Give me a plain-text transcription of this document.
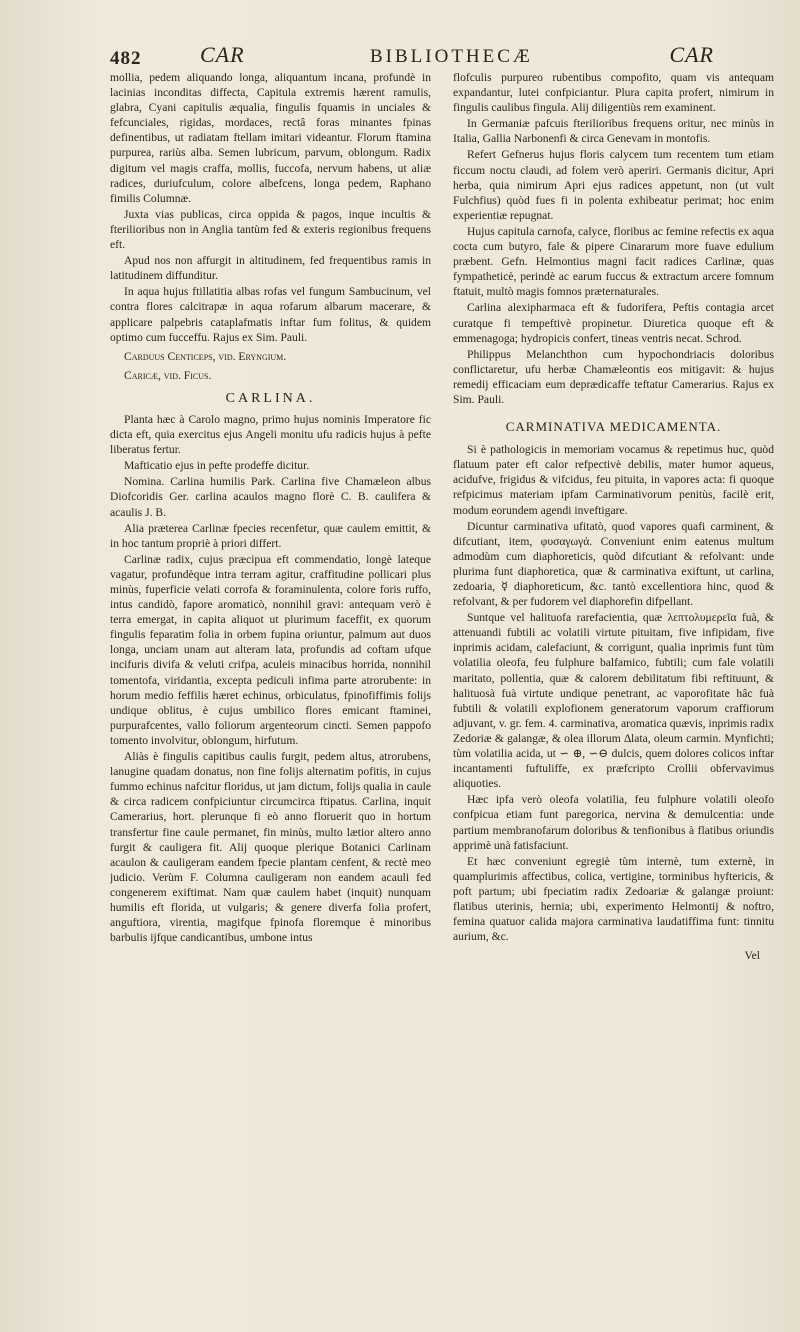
482	CAR	BIBLIOTHECÆ	CAR

mollia, pedem aliquando longa, aliquantum incana, profundè in lacinias inconditas diffecta, Capitula extremis hærent ramulis, glabra, Cyani capitulis æqualia, fingulis fquamis in unciales & fefcunciales, rigidas, mordaces, rectâ foras minantes fpinas definentibus, ut radiatam ftellam imitari videantur. Florum ftamina purpurea, rariùs alba. Semen lubricum, parvum, oblongum. Radix digitum vel magis craffa, mollis, fuccofa, nervum habens, ut aliæ radices, duriufculum, colore albefcens, longa pedem, Raphano fimilis Columnæ.

Juxta vias publicas, circa oppida & pagos, inque incultis & fterilioribus non in Anglia tantùm fed & exteris regionibus frequens eft.

Apud nos non affurgit in altitudinem, fed frequentibus ramis in latitudinem diffunditur.

In aqua hujus ftillatitia albas rofas vel fungum Sambucinum, vel contra flores calcitrapæ in aqua rofarum albarum macerare, & applicare palpebris cataplafmatis inftar fum folitus, & quidem optimo cum fucceffu. Rajus ex Sim. Pauli.

Carduus Centiceps, vid. Eryngium.

Caricæ, vid. Ficus.

CARLINA.

Planta hæc à Carolo magno, primo hujus nominis Imperatore fic dicta eft, quia exercitus ejus Angeli monitu ufu radicis hujus à pefte liberatus fertur.

Mafticatio ejus in pefte prodeffe dicitur.

Nomina. Carlina humilis Park. Carlina five Chamæleon albus Diofcoridis Ger. carlina acaulos magno florè C. B. caulifera & acaulis J. B.

Alia præterea Carlinæ fpecies recenfetur, quæ caulem emittit, & in hoc tantum propriè à priori differt.

Carlinæ radix, cujus præcipua eft commendatio, longè lateque vagatur, profundèque intra terram agitur, craffitudine pollicari plus minùs, fuperficie velati corrofa & foraminulenta, colore foris ruffo, intus candidò, fapore aromaticò, nonnihil gravi: antequam verò è terra emergat, in capita aliquot ut plurimum faceffit, ex quorum fingulis feparatim folia in orbem fupina oriuntur, palmum aut duos longa, unciam unam aut alteram lata, profundis ad coftam ufque incifuris divifa & veluti crifpa, aculeis minacibus horrida, nonnihil tomentofa, viridantia, excepta pediculi infima parte atrorubente: in horum medio feffilis hæret echinus, orbiculatus, fpinofiffimis folijs undique oblitus, è cujus umbilico flores emicant ftaminei, purpurafcentes, vallo foliorum argenteorum cincti. Semen pappofo tomento involvitur, oblongum, hirfutum.

Aliàs è fingulis capitibus caulis furgit, pedem altus, atrorubens, lanugine quadam donatus, non fine folijs alternatim pofitis, in cujus fummo echinus nafcitur floridus, ut jam dictum, folijs qualia in caule & circa radicem confpiciuntur circumcirca ftipatus. Carlina, inquit Camerarius, hort. plerunque fi eò anno floruerit quo in hortum transfertur fine caule permanet, fin minùs, multo lætior altero anno furgit & cauligera fit. Alij quoque plerique Botanici Carlinam acaulon & cauligeram eandem fpecie plantam cenfent, & rectè meo judicio. Verùm F. Columna cauligeram non eandem acauli fed congenerem exiftimat. Nam quæ caulem habet (inquit) nunquam humilis eft florida, ut vulgaris; & genere diverfa folia profert, anguftiora, virentia, magifque fpinofa floremque è minoribus barbulis ijfque candicantibus, umbone intus

flofculis purpureo rubentibus compofito, quam vis antequam expandantur, lutei confpiciantur. Plura capita profert, nimirum in fingulis caulibus fingula. Alij diligentiùs rem examinent.

In Germaniæ pafcuis fterilioribus frequens oritur, nec minùs in Italia, Gallia Narbonenfi & circa Genevam in montofis.

Refert Gefnerus hujus floris calycem tum recentem tum etiam ficcum noctu claudi, ad folem verò aperiri. Germanis dicitur, Apri herba, quia nimirum Apri ejus radices appetunt, non (ut vult Fulchfius) quòd fues fi in polenta exhibeatur perimat; hoc enim experientiæ repugnat.

Hujus capitula carnofa, calyce, floribus ac femine refectis ex aqua cocta cum butyro, fale & pipere Cinararum more fuave edulium præbent. Gefn. Helmontius magni facit radices Carlinæ, quas fympatheticè, perindè ac earum fuccus & extractum arcere fomnum ftatuit, multò magis fomnos præternaturales.

Carlina alexipharmaca eft & fudorifera, Peftis contagia arcet curatque fi tempeftivè propinetur. Diuretica quoque eft & emmenagoga; hydropicis confert, tineas ventris necat. Schrod.

Philippus Melanchthon cum hypochondriacis doloribus conflictaretur, ufu herbæ Chamæleontis eos mitigavit: & hujus remedij efficaciam eum deprædicaffe teftatur Camerarius. Rajus ex Sim. Pauli.

CARMINATIVA MEDICAMENTA.

Si è pathologicis in memoriam vocamus & repetimus huc, quòd flatuum pater eft calor refpectivè debilis, mater humor aqueus, acidufve, frigidus & vifcidus, feu pituita, in vapores acta: fi quoque refpicimus materiam ipfam Carminativorum penitùs, facilè erit, modum eorundem agendi inveftigare.

Dicuntur carminativa ufitatò, quod vapores quafi carminent, & difcutiant, item, φυσαγωγά. Conveniunt enim eatenus multum admodùm cum diaphoreticis, quòd difcutiant & refolvant: unde plurima funt diaphoretica, quæ & carminativa exiftunt, ut carlina, zedoaria, ☿ diaphoreticum, &c. tantò excellentiora hinc, quod & refolvant, & per fudorem vel diaphorefin difpellant.

Suntque vel halituofa rarefacientia, quæ λεπτολυμερεῖα fuà, & attenuandi fubtili ac volatili virtute pituitam, five infipidam, five inprimis acidam, calefaciunt, & corrigunt, qualia inprimis funt tùm volatilia oleofa, feu fulphure balfamico, fubtili; cum fale volatili maritato, pollentia, quæ & calorem debilitatum fibi reftituunt, & halituosà fuà virtute undique penetrant, ac vaporofitate hâc fuà fubtili & volatili explofionem generatorum vaporum craffiorum adjuvant, v. gr. fem. 4. carminativa, aromatica quævis, inprimis radix Zedoriæ & galangæ, & olea illorum ∆lata, oleum carmin. Mynfichti; tùm volatilia acida, ut ∽ ⊕, ∽⊖ dulcis, quem dolores colicos inftar incantamenti fuftuliffe, ex præfcripto Crollii obfervavimus aliquoties.

Hæc ipfa verò oleofa volatilia, feu fulphure volatili oleofo confpicua etiam funt paregorica, nervina & demulcentia: unde partium membranofarum doloribus & tenfionibus à flatibus oriundis apprimè unà fatisfaciunt.

Et hæc conveniunt egregiè tùm internè, tum externè, in quamplurimis affectibus, colica, vertigine, torminibus hyftericis, & poft partum; ubi fpeciatim radix Zedoariæ & galangæ proiunt: flatibus uterinis, hernia; ubi, experimento Helmontij & noftro, femina quatuor calida majora carminativa laudatiffima funt: tinnitu aurium, &c.

Vel
